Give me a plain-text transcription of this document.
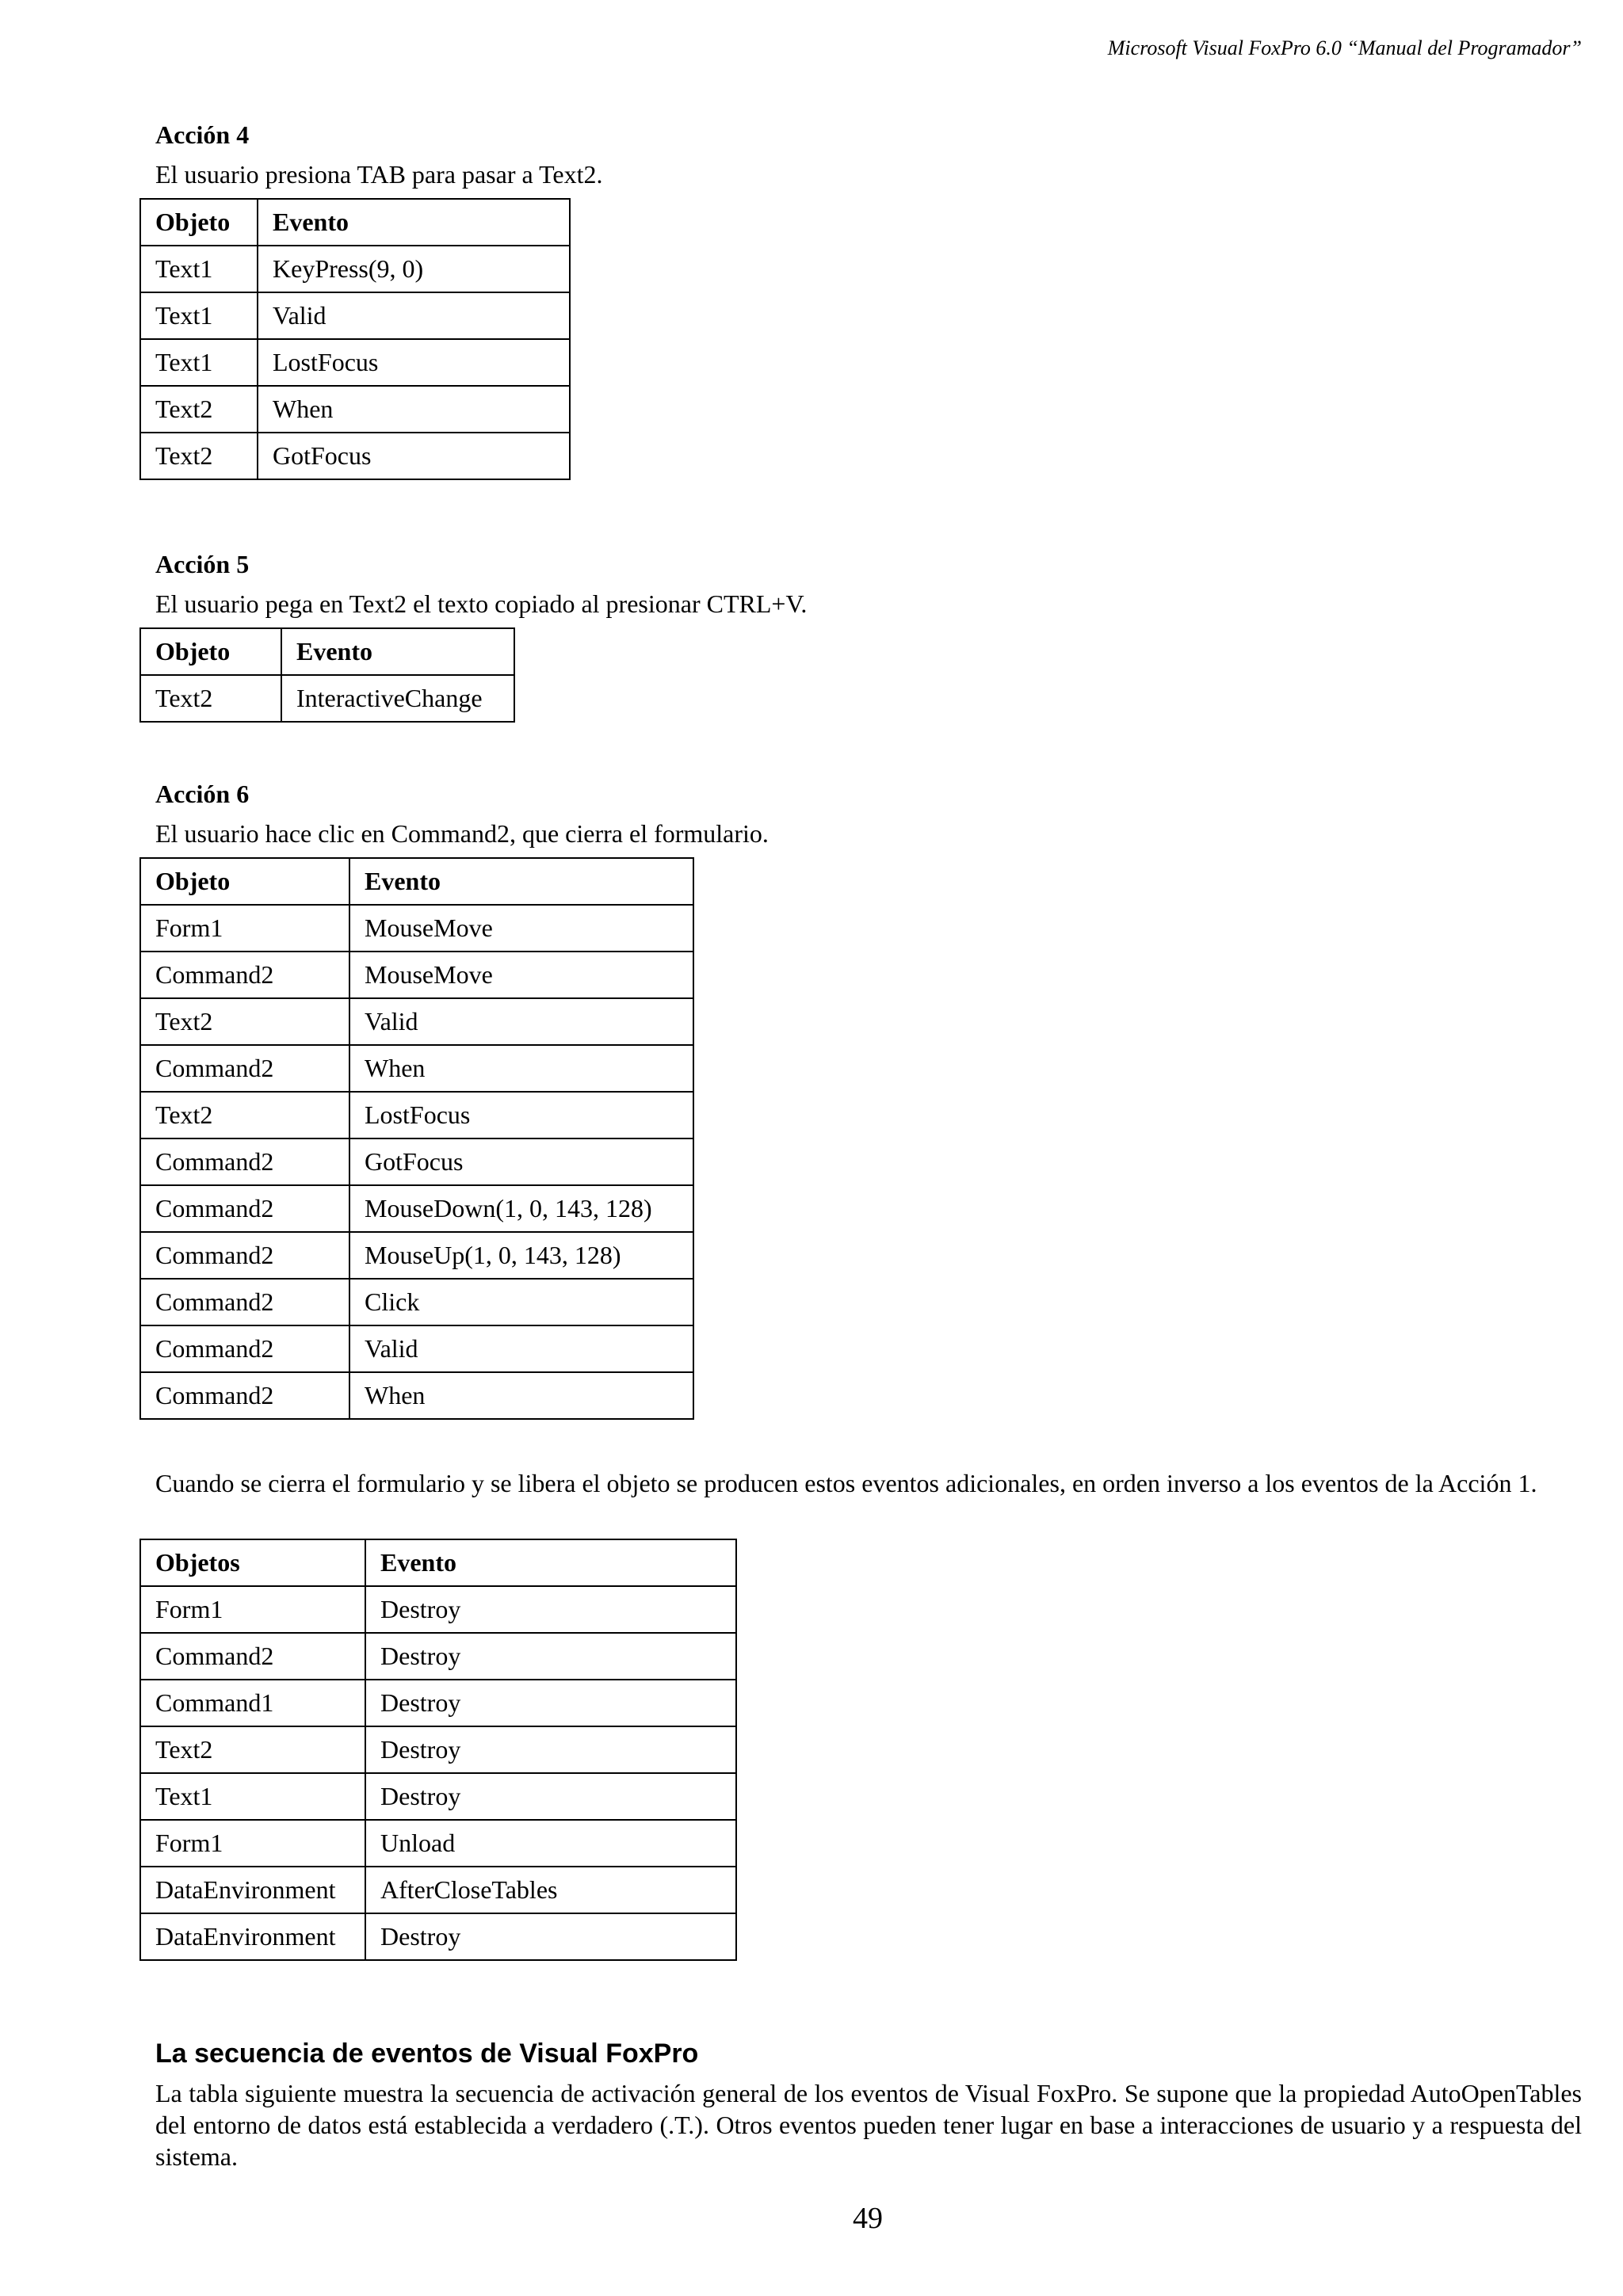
Microsoft Visual FoxPro 6.0 “Manual del Programador”
Acción 4
El usuario presiona TAB para pasar a Text2.
Objeto	Evento
Text1	KeyPress(9, 0)
Text1	Valid
Text1	LostFocus
Text2	When
Text2	GotFocus
Acción 5
El usuario pega en Text2 el texto copiado al presionar CTRL+V.
Objeto	Evento
Text2	InteractiveChange
Acción 6
El usuario hace clic en Command2, que cierra el formulario.
Objeto	Evento
Form1	MouseMove
Command2	MouseMove
Text2	Valid
Command2	When
Text2	LostFocus
Command2	GotFocus
Command2	MouseDown(1, 0, 143, 128)
Command2	MouseUp(1, 0, 143, 128)
Command2	Click
Command2	Valid
Command2	When
Cuando se cierra el formulario y se libera el objeto se producen estos eventos adicionales, en orden inverso a los eventos de la Acción 1.
Objetos	Evento
Form1	Destroy
Command2	Destroy
Command1	Destroy
Text2	Destroy
Text1	Destroy
Form1	Unload
DataEnvironment	AfterCloseTables
DataEnvironment	Destroy
La secuencia de eventos de Visual FoxPro
La tabla siguiente muestra la secuencia de activación general de los eventos de Visual FoxPro. Se supone que la propiedad AutoOpenTables del entorno de datos está establecida a verdadero (.T.). Otros eventos pueden tener lugar en base a interacciones de usuario y a respuesta del sistema.
49
